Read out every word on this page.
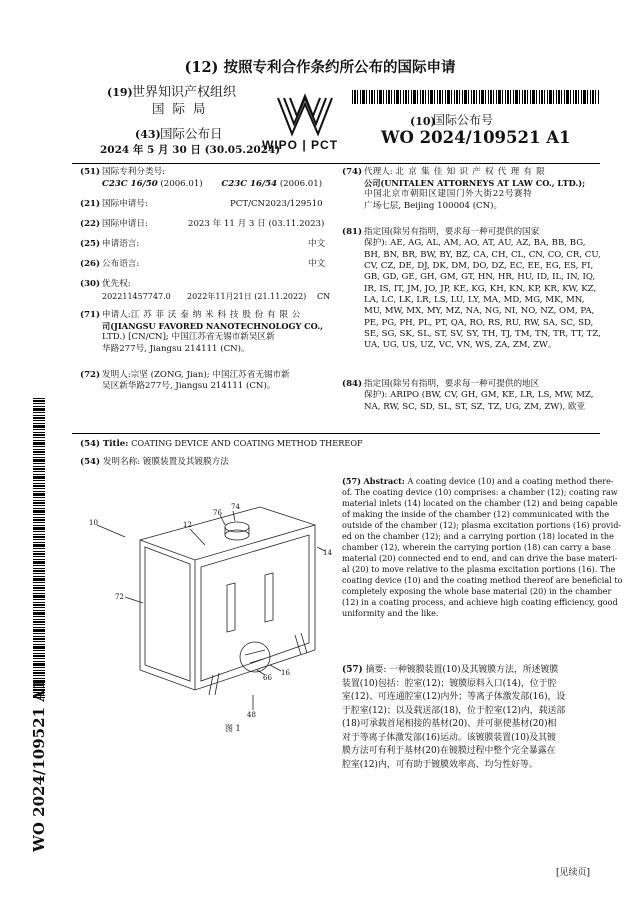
(12) 按照专利合作条约所公布的国际申请
(19) 世界知识产权组织
国 际 局
(43) 国际公布日
2024 年 5 月 30 日 (30.05.2024)
WIPO | PCT
(10)
国际公布号
WO 2024/109521 A1
WO 2024/109521 A1
(51) 国际专利分类号:
C23C 16/50 (2006.01) C23C 16/54 (2006.01)
(21) 国际申请号:	PCT/CN2023/129510
(22) 国际申请日:	2023 年 11 月 3 日 (03.11.2023)
(25) 申请语言:	中文
(26) 公布语言:	中文
(30) 优先权:
202211457747.0 2022年11月21日 (21.11.2022) CN
(71) 申请人:江苏菲沃泰纳米科技股份有限公
司(JIANGSU FAVORED NANOTECHNOLOGY CO.,
LTD.) [CN/CN]; 中国江苏省无锡市新吴区新
华路277号, Jiangsu 214111 (CN)。
(72) 发明人:宗坚 (ZONG, Jian); 中国江苏省无锡市新
吴区新华路277号, Jiangsu 214111 (CN)。
(74) 代理人: 北京集佳知识产权代理有限
公司(UNITALEN ATTORNEYS AT LAW CO., LTD.);
中国北京市朝阳区建国门外大街22号赛特
广场七层, Beijing 100004 (CN)。
(81) 指定国(除另有指明，要求每一种可提供的国家
保护): AE, AG, AL, AM, AO, AT, AU, AZ, BA, BB, BG,
BH, BN, BR, BW, BY, BZ, CA, CH, CL, CN, CO, CR, CU,
CV, CZ, DE, DJ, DK, DM, DO, DZ, EC, EE, EG, ES, FI,
GB, GD, GE, GH, GM, GT, HN, HR, HU, ID, IL, IN, IQ,
IR, IS, IT, JM, JO, JP, KE, KG, KH, KN, KP, KR, KW, KZ,
LA, LC, LK, LR, LS, LU, LY, MA, MD, MG, MK, MN,
MU, MW, MX, MY, MZ, NA, NG, NI, NO, NZ, OM, PA,
PE, PG, PH, PL, PT, QA, RO, RS, RU, RW, SA, SC, SD,
SE, SG, SK, SL, ST, SV, SY, TH, TJ, TM, TN, TR, TT, TZ,
UA, UG, US, UZ, VC, VN, WS, ZA, ZM, ZW。
(84) 指定国(除另有指明，要求每一种可提供的地区
保护): ARIPO (BW, CV, GH, GM, KE, LR, LS, MW, MZ,
NA, RW, SC, SD, SL, ST, SZ, TZ, UG, ZM, ZW), 欧亚
(54) Title: COATING DEVICE AND COATING METHOD THEREOF
(54) 发明名称: 镀膜装置及其镀膜方法
10	12
74
76
14
72
66
16
48
图 1
(57) Abstract: A coating device (10) and a coating method there-
of. The coating device (10) comprises: a chamber (12); coating raw
material inlets (14) located on the chamber (12) and being capable
of making the inside of the chamber (12) communicated with the
outside of the chamber (12); plasma excitation portions (16) provid-
ed on the chamber (12); and a carrying portion (18) located in the
chamber (12), wherein the carrying portion (18) can carry a base
material (20) connected end to end, and can drive the base materi-
al (20) to move relative to the plasma excitation portions (16). The
coating device (10) and the coating method thereof are beneficial to
completely exposing the whole base material (20) in the chamber
(12) in a coating process, and achieve high coating efficiency, good
uniformity and the like.
(57) 摘要: 一种镀膜装置(10)及其镀膜方法，所述镀膜
装置(10)包括：腔室(12)；镀膜原料入口(14)，位于腔
室(12)、可连通腔室(12)内外；等离子体激发部(16)，设
于腔室(12)；以及载送部(18)，位于腔室(12)内，载送部
(18)可承载首尾相接的基材(20)、并可驱使基材(20)相
对于等离子体激发部(16)运动。该镀膜装置(10)及其镀
膜方法可有利于基材(20)在镀膜过程中整个完全暴露在
腔室(12)内，可有助于镀膜效率高、均匀性好等。
[见续页]
